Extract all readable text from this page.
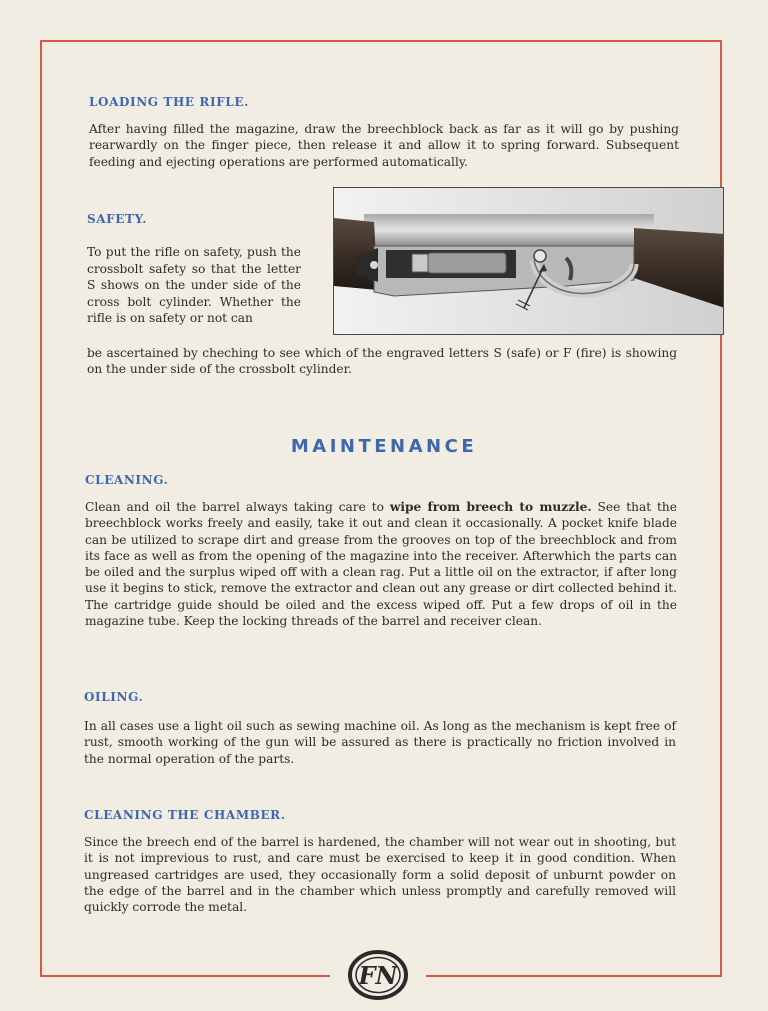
LOADING THE RIFLE.

After having filled the magazine, draw the breechblock back as far as it will go by pushing rearwardly on the finger piece, then release it and allow it to spring forward. Subsequent feeding and ejecting operations are performed automatically.

SAFETY.

To put the rifle on safety, push the crossbolt safety so that the letter S shows on the under side of the cross bolt cylinder. Whether the rifle is on safety or not can

be ascertained by cheching to see which of the engraved letters S (safe) or F (fire) is showing on the under side of the crossbolt cylinder.

MAINTENANCE
CLEANING.

Clean and oil the barrel always taking care to wipe from breech to muzzle. See that the breechblock works freely and easily, take it out and clean it occasionally. A pocket knife blade can be utilized to scrape dirt and grease from the grooves on top of the breechblock and from its face as well as from the opening of the magazine into the receiver. Afterwhich the parts can be oiled and the surplus wiped off with a clean rag. Put a little oil on the extractor, if after long use it begins to stick, remove the extractor and clean out any grease or dirt collected behind it. The cartridge guide should be oiled and the excess wiped off. Put a few drops of oil in the magazine tube. Keep the locking threads of the barrel and receiver clean.

OILING.

In all cases use a light oil such as sewing machine oil. As long as the mechanism is kept free of rust, smooth working of the gun will be assured as there is practically no friction involved in the normal operation of the parts.

CLEANING THE CHAMBER.

Since the breech end of the barrel is hardened, the chamber will not wear out in shooting, but it is not imprevious to rust, and care must be exercised to keep it in good condition. When ungreased cartridges are used, they occasionally form a solid deposit of unburnt powder on the edge of the barrel and in the chamber which unless promptly and carefully removed will quickly corrode the metal.

FN
